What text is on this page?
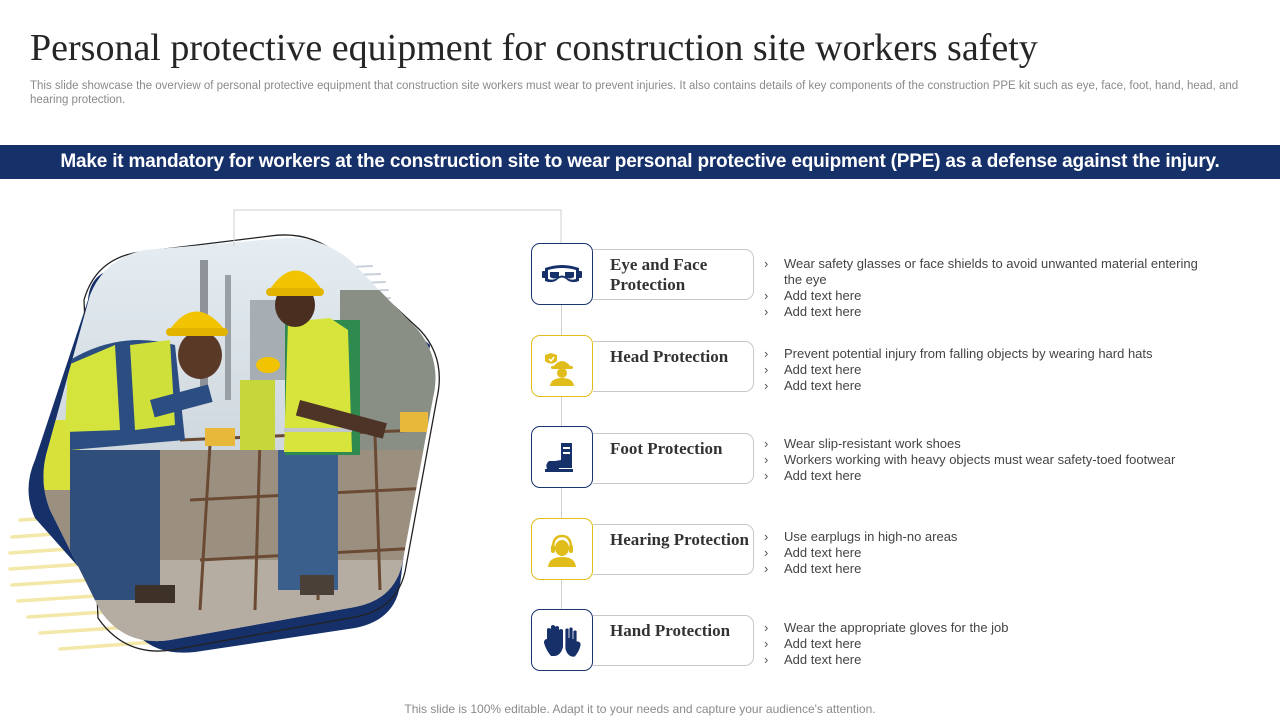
Personal protective equipment for construction site workers safety
This slide showcase the overview of personal protective equipment that construction site workers must wear to prevent injuries. It also contains details of key components of the construction PPE kit such as eye, face, foot, hand, head, and hearing protection.
Make it mandatory for workers at the construction site to wear personal protective equipment (PPE) as a defense against the injury.
Eye and Face Protection
› Wear safety glasses or face shields to avoid unwanted material entering the eye
› Add text here
› Add text here
Head Protection	› Prevent potential injury from falling objects by wearing hard hats
› Add text here
› Add text here
Foot Protection	› Wear slip-resistant work shoes
› Workers working with heavy objects must wear safety-toed footwear
› Add text here
Hearing Protection	› Use earplugs in high-no areas
› Add text here
› Add text here
Hand Protection	› Wear the appropriate gloves for the job
› Add text here
› Add text here
This slide is 100% editable. Adapt it to your needs and capture your audience's attention.
